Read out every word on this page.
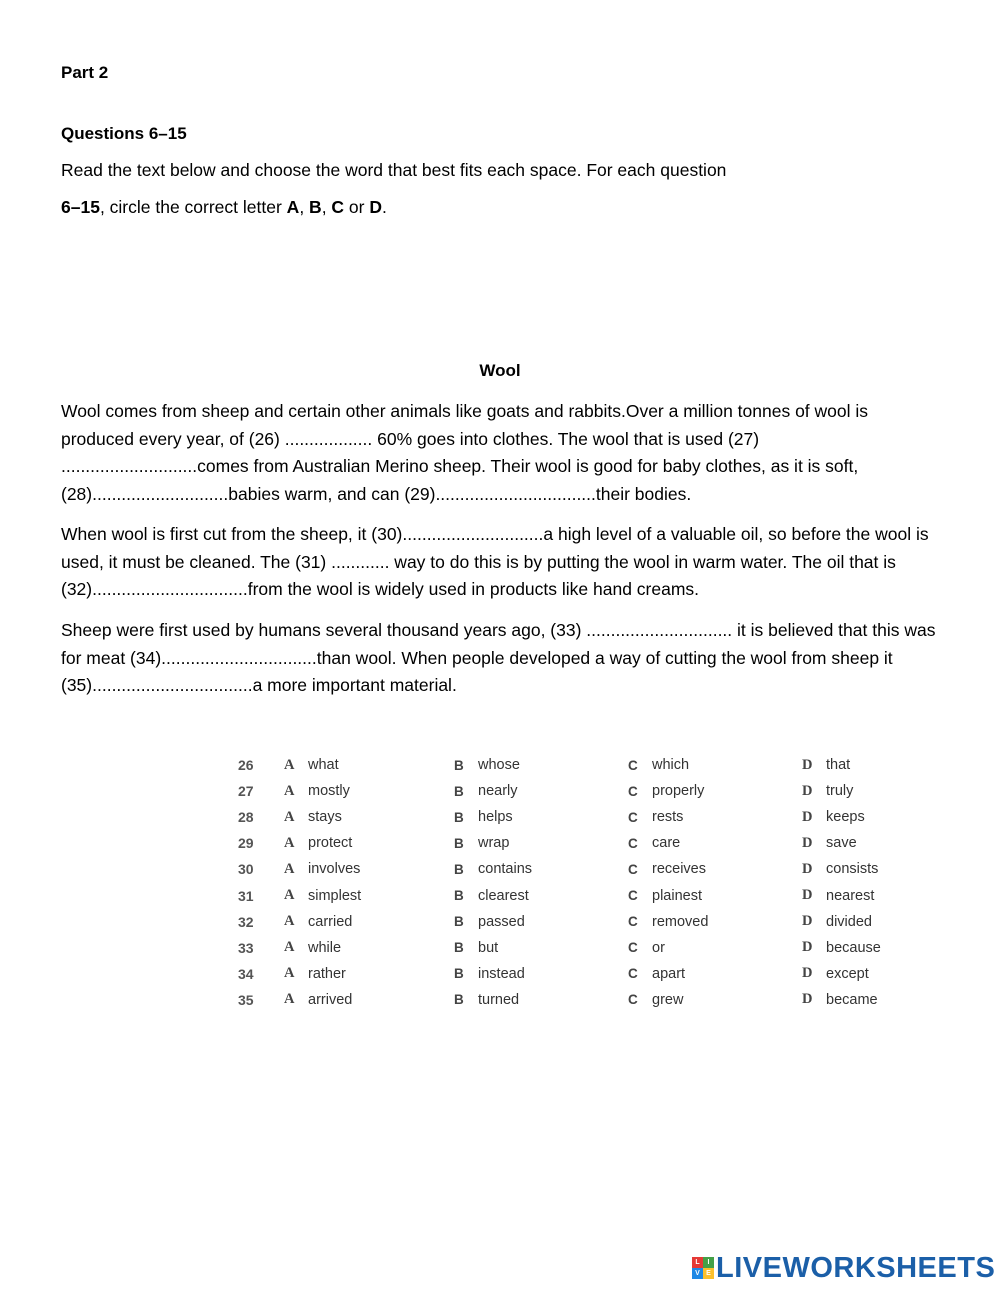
Part 2
Questions 6–15
Read the text below and choose the word that best fits each space. For each question
6–15, circle the correct letter A, B, C or D.
Wool
Wool comes from sheep and certain other animals like goats and rabbits.Over a million tonnes of wool is produced every year, of (26) .................. 60% goes into clothes. The wool that is used (27) ............................comes from Australian Merino sheep. Their wool is good for baby clothes, as it is soft, (28)............................babies warm, and can (29).................................their bodies.
When wool is first cut from the sheep, it (30).............................a high level of a valuable oil, so before the wool is used, it must be cleaned. The (31) ............ way to do this is by putting the wool in warm water. The oil that is (32)................................from the wool is widely used in products like hand creams.
Sheep were first used by humans several thousand years ago, (33) .............................. it is believed that this was for meat (34)................................than wool. When people developed a way of cutting the wool from sheep it (35).................................a more important material.
26	A	what	B	whose	C	which	D	that
27	A	mostly	B	nearly	C	properly	D	truly
28	A	stays	B	helps	C	rests	D	keeps
29	A	protect	B	wrap	C	care	D	save
30	A	involves	B	contains	C	receives	D	consists
31	A	simplest	B	clearest	C	plainest	D	nearest
32	A	carried	B	passed	C	removed	D	divided
33	A	while	B	but	C	or	D	because
34	A	rather	B	instead	C	apart	D	except
35	A	arrived	B	turned	C	grew	D	became
L	I
V E LIVEWORKSHEETS
